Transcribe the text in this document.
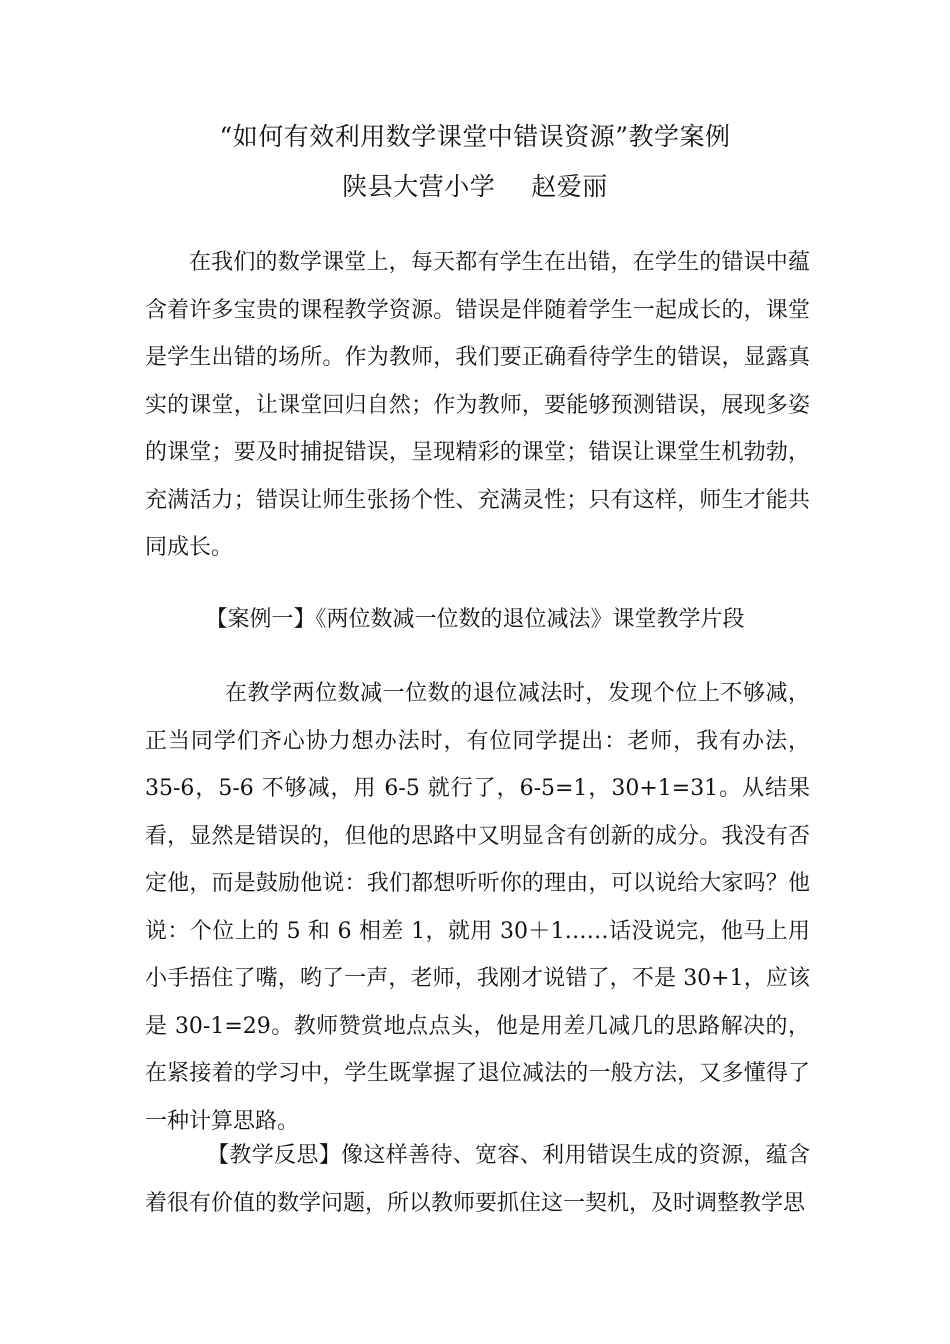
“如何有效利用数学课堂中错误资源”教学案例
陕县大营小学 赵爱丽

在我们的数学课堂上，每天都有学生在出错，在学生的错误中蕴含着许多宝贵的课程教学资源。错误是伴随着学生一起成长的，课堂是学生出错的场所。作为教师，我们要正确看待学生的错误，显露真实的课堂，让课堂回归自然；作为教师，要能够预测错误，展现多姿的课堂；要及时捕捉错误，呈现精彩的课堂；错误让课堂生机勃勃，充满活力；错误让师生张扬个性、充满灵性；只有这样，师生才能共同成长。

【案例一】《两位数减一位数的退位减法》课堂教学片段

在教学两位数减一位数的退位减法时，发现个位上不够减，正当同学们齐心协力想办法时，有位同学提出：老师，我有办法，35-6，5-6 不够减，用 6-5 就行了，6-5=1，30+1=31。从结果看，显然是错误的，但他的思路中又明显含有创新的成分。我没有否定他，而是鼓励他说：我们都想听听你的理由，可以说给大家吗？他说：个位上的 5 和 6 相差 1，就用 30＋1……话没说完，他马上用小手捂住了嘴，哟了一声，老师，我刚才说错了，不是 30+1，应该是 30-1=29。教师赞赏地点点头，他是用差几减几的思路解决的，在紧接着的学习中，学生既掌握了退位减法的一般方法，又多懂得了一种计算思路。

【教学反思】像这样善待、宽容、利用错误生成的资源，蕴含着很有价值的数学问题，所以教师要抓住这一契机，及时调整教学思
